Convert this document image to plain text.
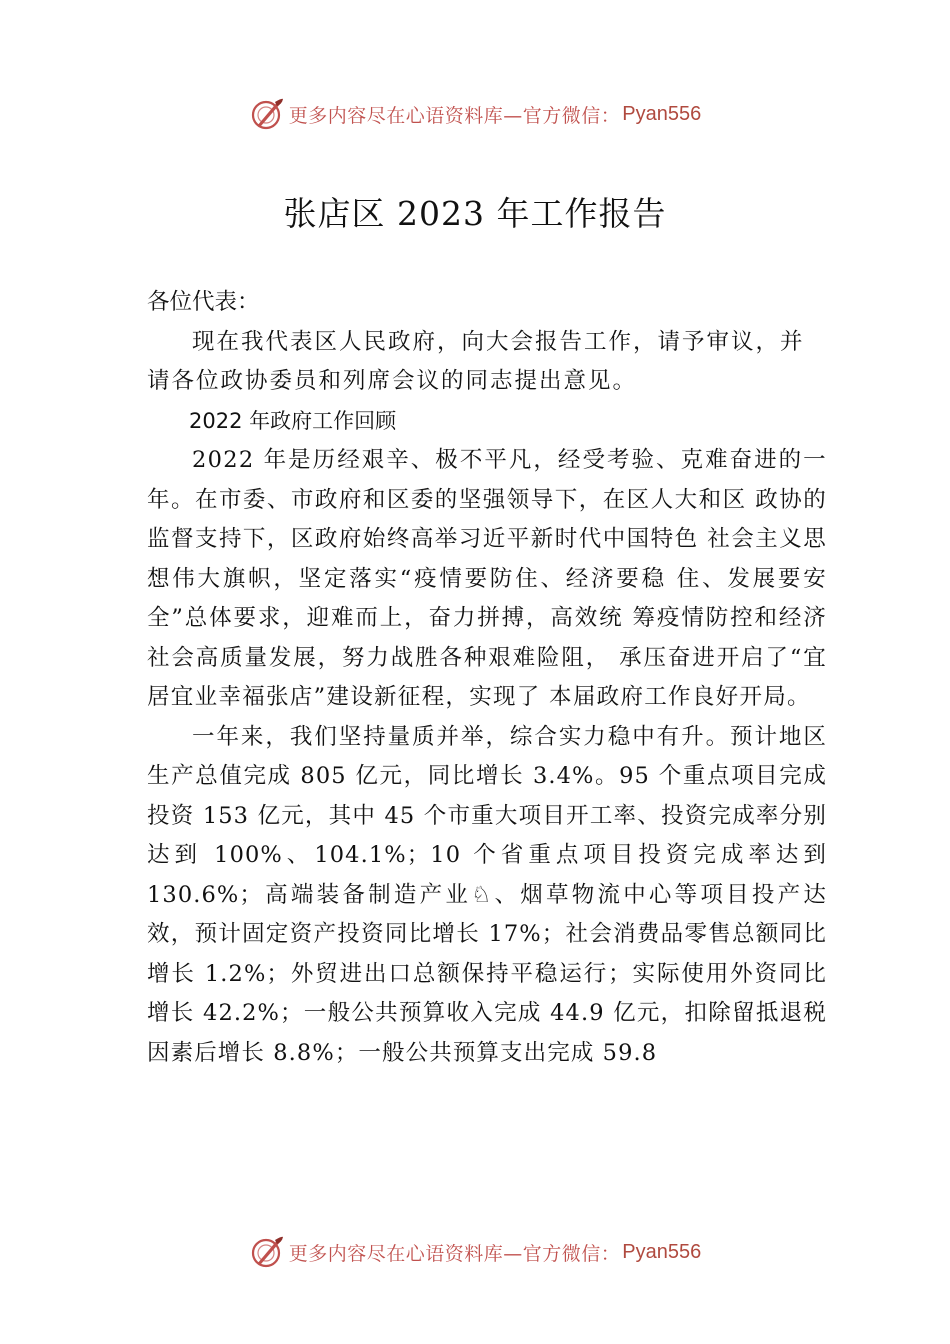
更多内容尽在心语资料库—官方微信： Pyan556
张店区 2023 年工作报告

各位代表：

现在我代表区人民政府，向大会报告工作，请予审议，并请各位政协委员和列席会议的同志提出意见。

2022 年政府工作回顾

2022 年是历经艰辛、极不平凡，经受考验、克难奋进的一年。在市委、市政府和区委的坚强领导下，在区人大和区 政协的监督支持下，区政府始终高举习近平新时代中国特色 社会主义思想伟大旗帜，坚定落实“疫情要防住、经济要稳 住、发展要安全”总体要求，迎难而上，奋力拼搏，高效统 筹疫情防控和经济社会高质量发展，努力战胜各种艰难险阻， 承压奋进开启了“宜居宜业幸福张店”建设新征程，实现了 本届政府工作良好开局。

一年来，我们坚持量质并举，综合实力稳中有升。预计地区生产总值完成 805 亿元，同比增长 3.4%。95 个重点项目完成投资 153 亿元，其中 45 个市重大项目开工率、投资完成率分别达到 100%、104.1%；10 个省重点项目投资完成率达到 130.6%；高端装备制造产业♘、烟草物流中心等项目投产达效，预计固定资产投资同比增长 17%；社会消费品零售总额同比增长 1.2%；外贸进出口总额保持平稳运行；实际使用外资同比增长 42.2%；一般公共预算收入完成 44.9 亿元，扣除留抵退税因素后增长 8.8%；一般公共预算支出完成 59.8

更多内容尽在心语资料库—官方微信： Pyan556
